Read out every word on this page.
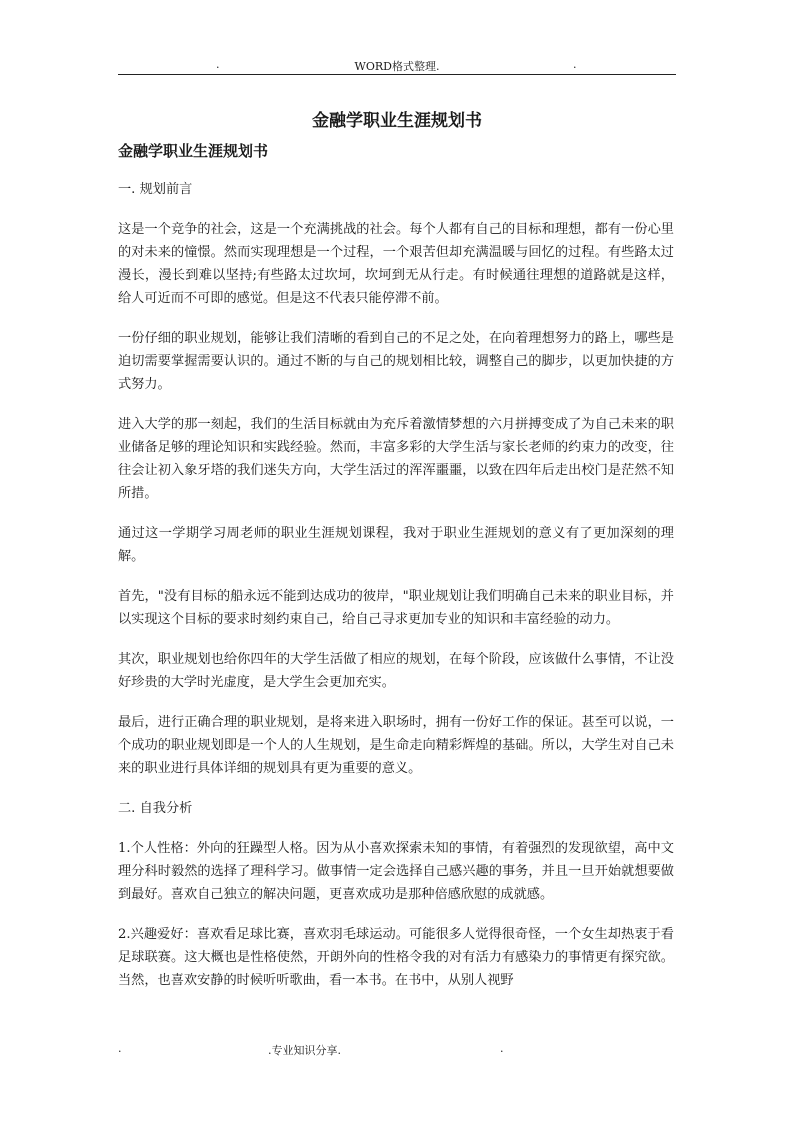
.	WORD格式整理.	.
金融学职业生涯规划书
金融学职业生涯规划书

一. 规划前言

这是一个竞争的社会，这是一个充满挑战的社会。每个人都有自己的目标和理想，都有一份心里的对未来的憧憬。然而实现理想是一个过程，一个艰苦但却充满温暖与回忆的过程。有些路太过漫长，漫长到难以坚持;有些路太过坎坷，坎坷到无从行走。有时候通往理想的道路就是这样，给人可近而不可即的感觉。但是这不代表只能停滞不前。

一份仔细的职业规划，能够让我们清晰的看到自己的不足之处，在向着理想努力的路上，哪些是迫切需要掌握需要认识的。通过不断的与自己的规划相比较，调整自己的脚步，以更加快捷的方式努力。

进入大学的那一刻起，我们的生活目标就由为充斥着激情梦想的六月拼搏变成了为自己未来的职业储备足够的理论知识和实践经验。然而，丰富多彩的大学生活与家长老师的约束力的改变，往往会让初入象牙塔的我们迷失方向，大学生活过的浑浑噩噩，以致在四年后走出校门是茫然不知所措。

通过这一学期学习周老师的职业生涯规划课程，我对于职业生涯规划的意义有了更加深刻的理解。

首先，"没有目标的船永远不能到达成功的彼岸，"职业规划让我们明确自己未来的职业目标，并以实现这个目标的要求时刻约束自己，给自己寻求更加专业的知识和丰富经验的动力。

其次，职业规划也给你四年的大学生活做了相应的规划，在每个阶段，应该做什么事情，不让没好珍贵的大学时光虚度，是大学生会更加充实。

最后，进行正确合理的职业规划，是将来进入职场时，拥有一份好工作的保证。甚至可以说，一个成功的职业规划即是一个人的人生规划，是生命走向精彩辉煌的基础。所以，大学生对自己未来的职业进行具体详细的规划具有更为重要的意义。

二. 自我分析

1.个人性格：外向的狂躁型人格。因为从小喜欢探索未知的事情，有着强烈的发现欲望，高中文理分科时毅然的选择了理科学习。做事情一定会选择自己感兴趣的事务，并且一旦开始就想要做到最好。喜欢自己独立的解决问题，更喜欢成功是那种倍感欣慰的成就感。

2.兴趣爱好：喜欢看足球比赛，喜欢羽毛球运动。可能很多人觉得很奇怪，一个女生却热衷于看足球联赛。这大概也是性格使然，开朗外向的性格令我的对有活力有感染力的事情更有探究欲。当然，也喜欢安静的时候听听歌曲，看一本书。在书中，从别人视野

.	.专业知识分享.	.
